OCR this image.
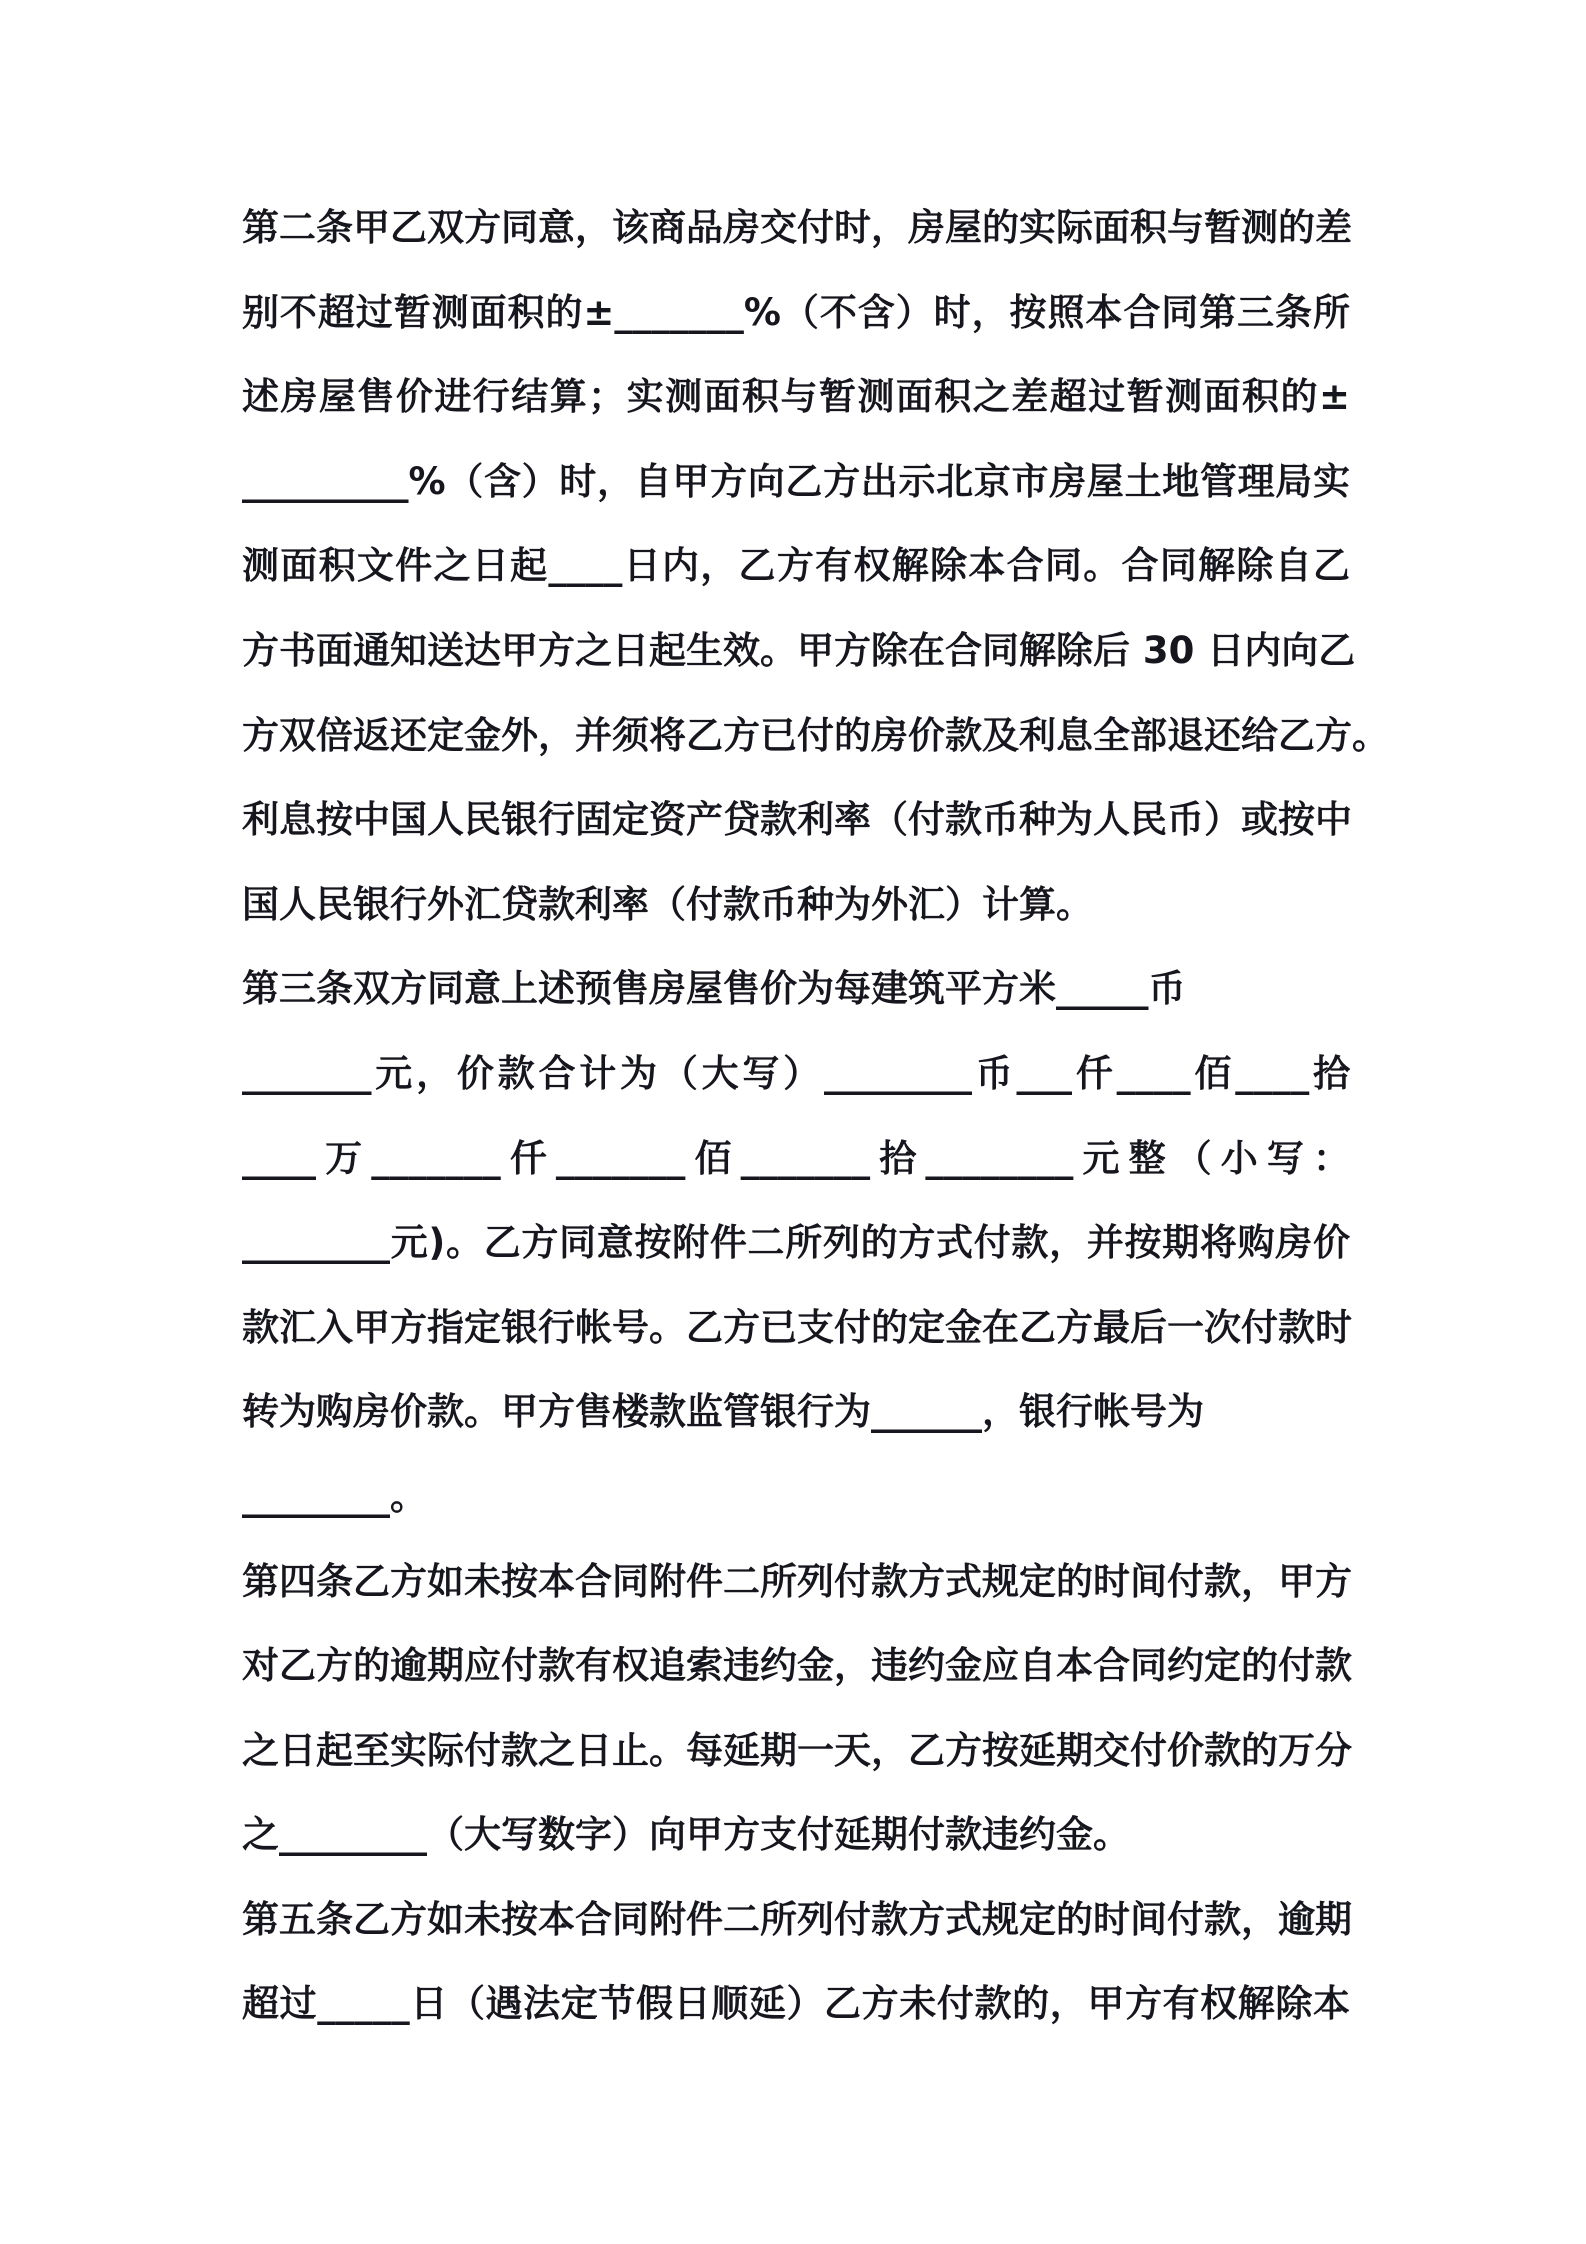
第二条甲乙双方同意，该商品房交付时，房屋的实际面积与暂测的差
别不超过暂测面积的±_______%（不含）时，按照本合同第三条所
述房屋售价进行结算；实测面积与暂测面积之差超过暂测面积的±
_________%（含）时，自甲方向乙方出示北京市房屋土地管理局实
测面积文件之日起____日内，乙方有权解除本合同。合同解除自乙
方书面通知送达甲方之日起生效。甲方除在合同解除后 30 日内向乙
方双倍返还定金外，并须将乙方已付的房价款及利息全部退还给乙方。
利息按中国人民银行固定资产贷款利率（付款币种为人民币）或按中
国人民银行外汇贷款利率（付款币种为外汇）计算。
第三条双方同意上述预售房屋售价为每建筑平方米_____币
_______元，价款合计为（大写）________币___仟____佰____拾
____万_______仟_______佰_______拾________元整（小写：
________元)。乙方同意按附件二所列的方式付款，并按期将购房价
款汇入甲方指定银行帐号。乙方已支付的定金在乙方最后一次付款时
转为购房价款。甲方售楼款监管银行为______，银行帐号为
________。
第四条乙方如未按本合同附件二所列付款方式规定的时间付款，甲方
对乙方的逾期应付款有权追索违约金，违约金应自本合同约定的付款
之日起至实际付款之日止。每延期一天，乙方按延期交付价款的万分
之________（大写数字）向甲方支付延期付款违约金。
第五条乙方如未按本合同附件二所列付款方式规定的时间付款，逾期
超过_____日（遇法定节假日顺延）乙方未付款的，甲方有权解除本
